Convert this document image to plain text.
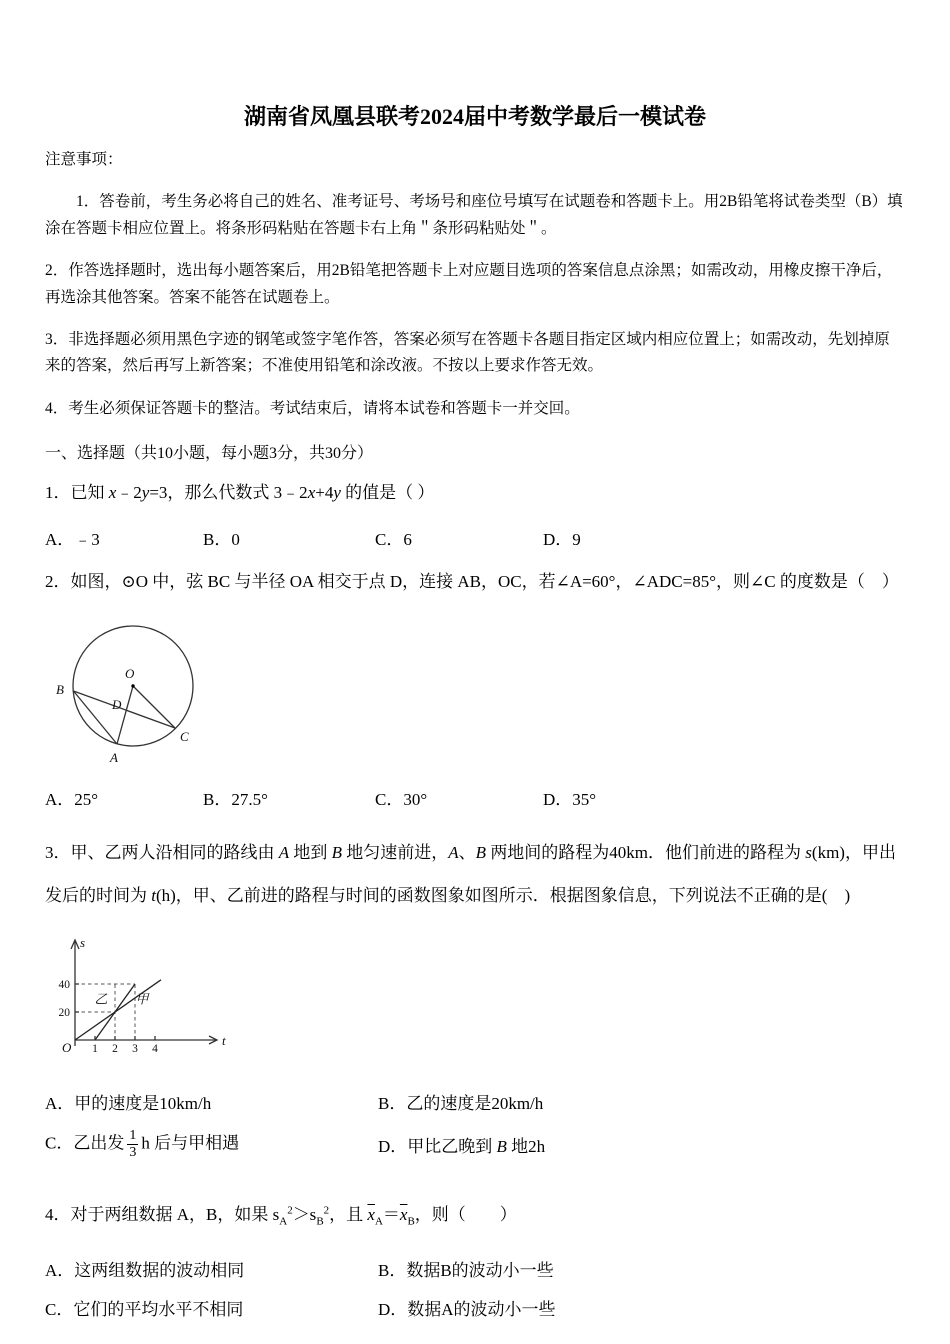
湖南省凤凰县联考2024届中考数学最后一模试卷

注意事项：

1．答卷前，考生务必将自己的姓名、准考证号、考场号和座位号填写在试题卷和答题卡上。用2B铅笔将试卷类型（B）填涂在答题卡相应位置上。将条形码粘贴在答题卡右上角＂条形码粘贴处＂。

2．作答选择题时，选出每小题答案后，用2B铅笔把答题卡上对应题目选项的答案信息点涂黑；如需改动，用橡皮擦干净后，再选涂其他答案。答案不能答在试题卷上。

3．非选择题必须用黑色字迹的钢笔或签字笔作答，答案必须写在答题卡各题目指定区域内相应位置上；如需改动，先划掉原来的答案，然后再写上新答案；不准使用铅笔和涂改液。不按以上要求作答无效。

4．考生必须保证答题卡的整洁。考试结束后，请将本试卷和答题卡一并交回。

一、选择题（共10小题，每小题3分，共30分）

1．已知 x﹣2y=3，那么代数式 3﹣2x+4y 的值是（ ）

A．﹣3	B．0	C．6	D．9

2．如图，⊙O 中，弦 BC 与半径 OA 相交于点 D，连接 AB，OC，若∠A=60°，∠ADC=85°，则∠C 的度数是（　）

O
D
B
A
C
A．25°	B．27.5°	C．30°	D．35°

3．甲、乙两人沿相同的路线由 A 地到 B 地匀速前进，A、B 两地间的路程为40km．他们前进的路程为 s(km)，甲出发后的时间为 t(h)，甲、乙前进的路程与时间的函数图象如图所示．根据图象信息，下列说法不正确的是(　)

甲
乙
1 2 3 4
20
40
s
t
O
A．甲的速度是10km/h	B．乙的速度是20km/h
C．乙出发 $\frac{1}{3}$ h 后与甲相遇	D．甲比乙晚到 B 地2h

4．对于两组数据 A，B，如果 $s_A^2>s_B^2$，且 $\overline{x}_A=\overline{x}_B$，则（　　）

A．这两组数据的波动相同	B．数据B的波动小一些
C．它们的平均水平不相同	D．数据A的波动小一些
